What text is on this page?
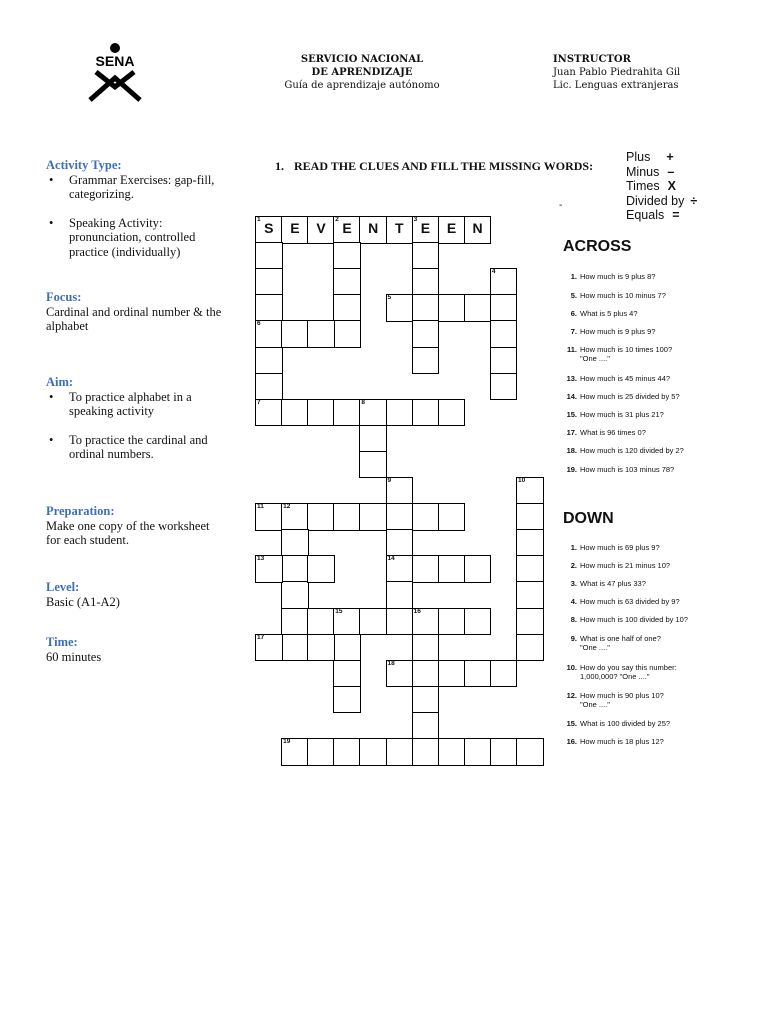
SENA	SERVICIO NACIONAL
DE APRENDIZAJE
Guía de aprendizaje autónomo
INSTRUCTOR
Juan Pablo Piedrahita Gil
Lic. Lenguas extranjeras
Activity Type:

• Grammar Exercises: gap-fill, categorizing.

• Speaking Activity: pronunciation, controlled practice (individually)

Focus:
Cardinal and ordinal number & the alphabet
Aim:

• To practice alphabet in a speaking activity

• To practice the cardinal and ordinal numbers.

Preparation:
Make one copy of the worksheet for each student.
Level:
Basic (A1-A2)
Time:
60 minutes
1. READ THE CLUES AND FILL THE MISSING WORDS:
-
Plus +
Minus –
Times X
Divided by ÷
Equals =
1
S	E	V
2
E	N	T
3
E	E	N
6
7
4
5
8
9
14
10
11	12
13
15	16
17
18
19
ACROSS
1. How much is 9 plus 8?
5. How much is 10 minus 7?
6. What is 5 plus 4?
7. How much is 9 plus 9?
11. How much is 10 times 100?
"One ...."
13. How much is 45 minus 44?
14. How much is 25 divided by 5?
15. How much is 31 plus 21?
17. What is 96 times 0?
18. How much is 120 divided by 2?
19. How much is 103 minus 78?
DOWN
1. How much is 69 plus 9?
2. How much is 21 minus 10?
3. What is 47 plus 33?
4. How much is 63 divided by 9?
8. How much is 100 divided by 10?
9. What is one half of one?
"One ...."
10. How do you say this number:
1,000,000? "One ...."
12. How much is 90 plus 10?
"One ...."
15. What is 100 divided by 25?
16. How much is 18 plus 12?
